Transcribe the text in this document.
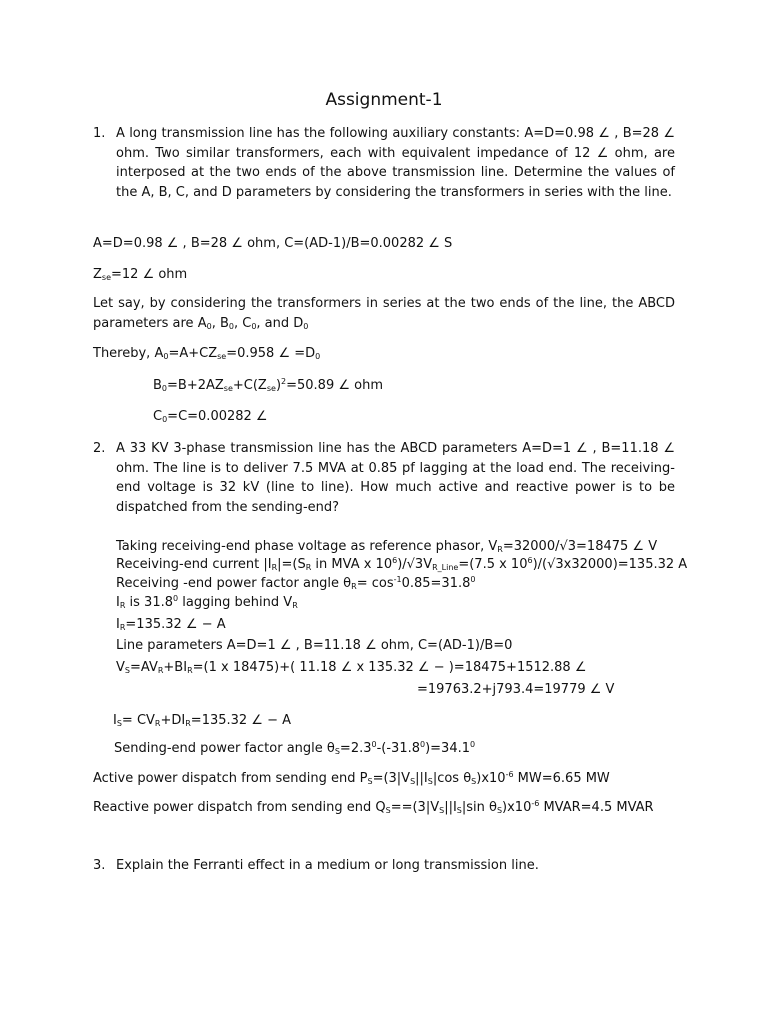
Assignment-1
1. A long transmission line has the following auxiliary constants: A=D=0.98 ∠ , B=28 ∠ ohm. Two similar transformers, each with equivalent impedance of 12 ∠ ohm, are interposed at the two ends of the above transmission line. Determine the values of the A, B, C, and D parameters by considering the transformers in series with the line.
A=D=0.98 ∠ , B=28 ∠ ohm, C=(AD-1)/B=0.00282 ∠ S
$Z_{se}=12$ ∠ ohm
Let say, by considering the transformers in series at the two ends of the line, the ABCD parameters are $A_0$, $B_0$, $C_0$, and $D_0$
Thereby, $A_0=A+CZ_{se}=0.958$ ∠ $=D_0$
$B_0=B+2AZ_{se}+C(Z_{se})^2=50.89$ ∠ ohm
$C_0=C=0.00282$ ∠
2. A 33 KV 3-phase transmission line has the ABCD parameters A=D=1 ∠ , B=11.18 ∠ ohm. The line is to deliver 7.5 MVA at 0.85 pf lagging at the load end. The receiving-end voltage is 32 kV (line to line). How much active and reactive power is to be dispatched from the sending-end?
Taking receiving-end phase voltage as reference phasor, $V_R=32000/√3=18475$ ∠ V
Receiving-end current $|I_R|=(S_R$ in MVA x $10^6)/√3V_{R\_Line}=(7.5$ x $10^6)/(√3x32000)=135.32$ A
Receiving -end power factor angle $\theta_R= \cos^{-1}0.85=31.8^0$
$I_R$ is 31.8$^0$ lagging behind $V_R$
$I_R=135.32$ ∠ − A
Line parameters A=D=1 ∠ , B=11.18 ∠ ohm, C=(AD-1)/B=0
$V_S=AV_R+BI_R=(1$ x 18475)+( 11.18 ∠ x 135.32 ∠ − )=18475+1512.88 ∠
=19763.2+j793.4=19779 ∠ V
$I_S= CV_R+DI_R=135.32$ ∠ − A
Sending-end power factor angle $\theta_S=2.3^0-(-31.8^0)=34.1^0$
Active power dispatch from sending end $P_S=(3|V_S||I_S|\cos$ $\theta_S)x10^{-6}$ MW=6.65 MW
Reactive power dispatch from sending end $Q_S==(3|V_S||I_S|\sin$ $\theta_S)x10^{-6}$ MVAR=4.5 MVAR
3. Explain the Ferranti effect in a medium or long transmission line.
